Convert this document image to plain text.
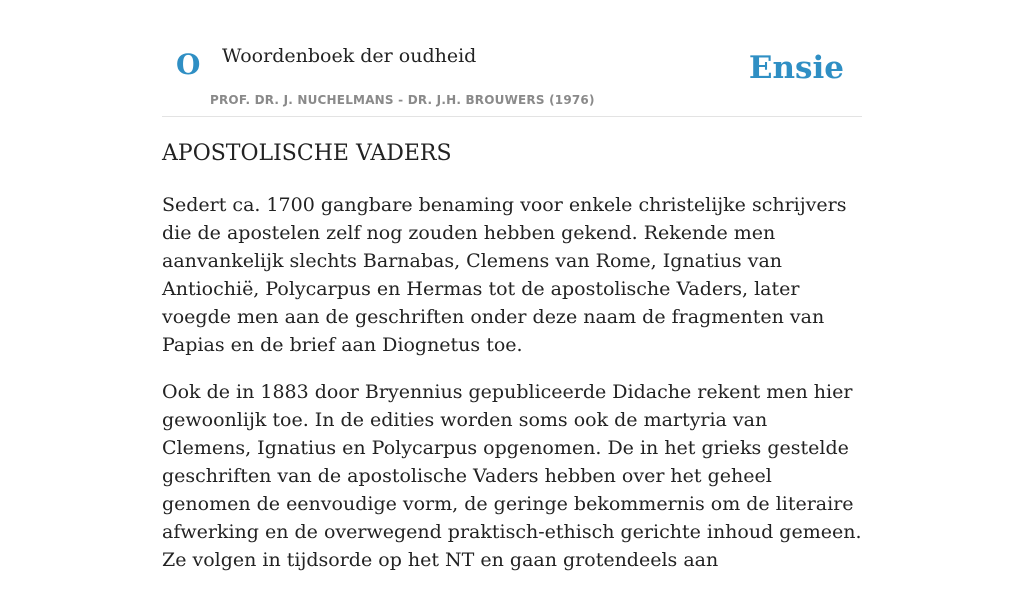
O Woordenboek der oudheid
PROF. DR. J. NUCHELMANS - DR. J.H. BROUWERS (1976)
Ensie
APOSTOLISCHE VADERS

Sedert ca. 1700 gangbare benaming voor enkele christelijke schrijvers die de apostelen zelf nog zouden hebben gekend. Rekende men aanvankelijk slechts Barnabas, Clemens van Rome, Ignatius van Antiochië, Polycarpus en Hermas tot de apostolische Vaders, later voegde men aan de geschriften onder deze naam de fragmenten van Papias en de brief aan Diognetus toe.

Ook de in 1883 door Bryennius gepubliceerde Didache rekent men hier gewoonlijk toe. In de edities worden soms ook de martyria van Clemens, Ignatius en Polycarpus opgenomen. De in het grieks gestelde geschriften van de apostolische Vaders hebben over het geheel genomen de eenvoudige vorm, de geringe bekommernis om de literaire afwerking en de overwegend praktisch-ethisch gerichte inhoud gemeen. Ze volgen in tijdsorde op het NT en gaan grotendeels aan
